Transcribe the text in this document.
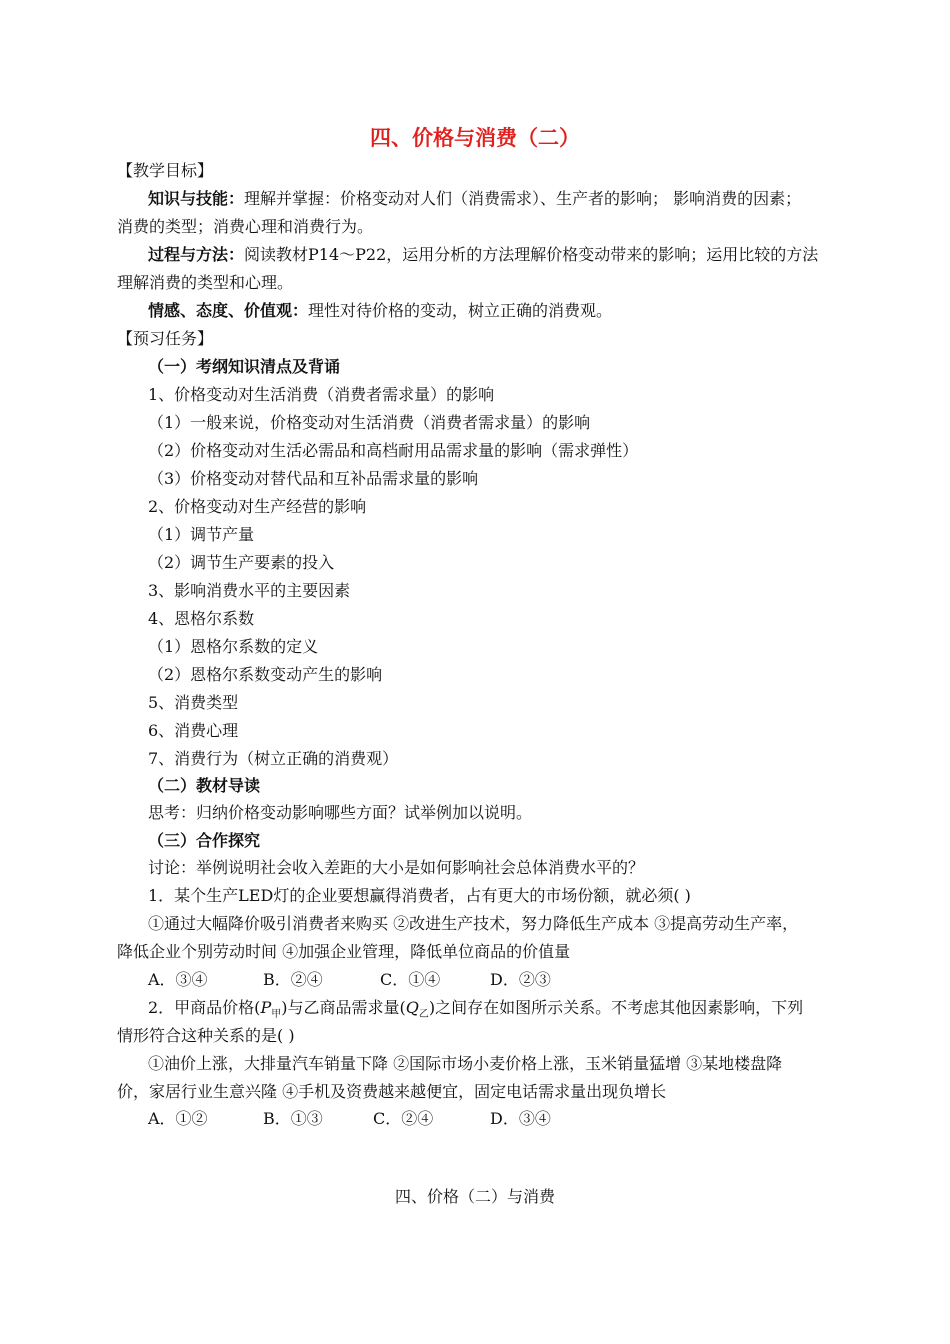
四、价格与消费（二）
【教学目标】
知识与技能：理解并掌握：价格变动对人们（消费需求）、生产者的影响； 影响消费的因素；
消费的类型；消费心理和消费行为。
过程与方法：阅读教材P14～P22，运用分析的方法理解价格变动带来的影响；运用比较的方法
理解消费的类型和心理。
情感、态度、价值观：理性对待价格的变动，树立正确的消费观。
【预习任务】
（一）考纲知识清点及背诵
1、价格变动对生活消费（消费者需求量）的影响
（1）一般来说，价格变动对生活消费（消费者需求量）的影响
（2）价格变动对生活必需品和高档耐用品需求量的影响（需求弹性）
（3）价格变动对替代品和互补品需求量的影响
2、价格变动对生产经营的影响
（1）调节产量
（2）调节生产要素的投入
3、影响消费水平的主要因素
4、恩格尔系数
（1）恩格尔系数的定义
（2）恩格尔系数变动产生的影响
5、消费类型
6、消费心理
7、消费行为（树立正确的消费观）
（二）教材导读
思考：归纳价格变动影响哪些方面？试举例加以说明。
（三）合作探究
讨论：举例说明社会收入差距的大小是如何影响社会总体消费水平的？
1．某个生产LED灯的企业要想赢得消费者，占有更大的市场份额，就必须( )
①通过大幅降价吸引消费者来购买 ②改进生产技术，努力降低生产成本 ③提高劳动生产率，
降低企业个别劳动时间 ④加强企业管理，降低单位商品的价值量
A．③④	B．②④	C．①④	D．②③
2．甲商品价格$(P_甲)$与乙商品需求量$(Q_乙)$之间存在如图所示关系。不考虑其他因素影响，下列
情形符合这种关系的是( )
①油价上涨，大排量汽车销量下降 ②国际市场小麦价格上涨，玉米销量猛增 ③某地楼盘降
价，家居行业生意兴隆 ④手机及资费越来越便宜，固定电话需求量出现负增长
A．①②	B．①③	C．②④	D．③④
四、价格（二）与消费
